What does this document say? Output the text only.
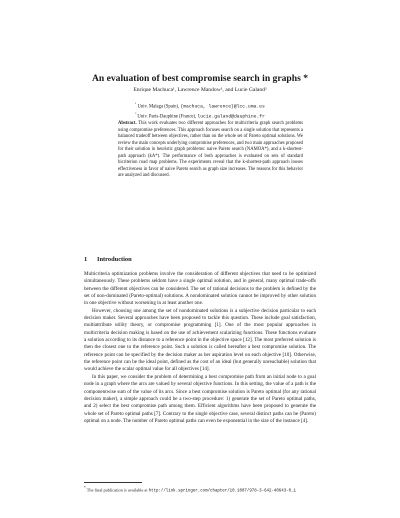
An evaluation of best compromise search in graphs *
Enrique Machuca¹, Lawrence Mandow¹, and Lucie Galand²
$^{^1}$ Univ. Malaga (Spain), {machuca, lawrence}@lcc.uma.es
$^{^2}$ Univ. Paris-Dauphine (France), lucie.galand@dauphine.fr
Abstract. This work evaluates two different approaches for multicriteria graph search problems using compromise preferences. This approach focuses search on a single solution that represents a balanced tradeoff between objectives, rather than on the whole set of Pareto optimal solutions. We review the main concepts underlying compromise preferences, and two main approaches proposed for their solution in heuristic graph problems: naive Pareto search (NAMOA*), and a k-shortest-path approach (kA*). The performance of both approaches is evaluated on sets of standard bicriterion road map problems. The experiments reveal that the k-shortest-path approach looses effectiveness in favor of naive Pareto search as graph size increases. The reasons for this behavior are analyzed and discussed.
1 Introduction

Multicriteria optimization problems involve the consideration of different objectives that need to be optimized simultaneously. These problems seldom have a single optimal solution, and in general, many optimal trade-offs between the different objectives can be considered. The set of rational decisions to the problem is defined by the set of non-dominated (Pareto-optimal) solutions. A nondominated solution cannot be improved by other solution in one objective without worsening in at least another one.

However, choosing one among the set of nondominated solutions is a subjective decision particular to each decision maker. Several approaches have been proposed to tackle this question. These include goal satisfaction, multiattribute utility theory, or compromise programming [1]. One of the most popular approaches in multicriteria decision making is based on the use of achievement scalarizing functions. These functions evaluate a solution according to its distance to a reference point in the objective space [12]. The most preferred solution is then the closest one to the reference point. Such a solution is called hereafter a best compromise solution. The reference point can be specified by the decision maker as her aspiration level on each objective [10]. Otherwise, the reference point can be the ideal point, defined as the cost of an ideal (but generally unreachable) solution that would achieve the scalar optimal value for all objectives [14].

In this paper, we consider the problem of determining a best compromise path from an initial node to a goal node in a graph where the arcs are valued by several objective functions. In this setting, the value of a path is the componentwise sum of the value of its arcs. Since a best compromise solution is Pareto optimal (for any rational decision maker), a simple approach could be a two-step procedure: 1) generate the set of Pareto optimal paths, and 2) select the best compromise path among them. Efficient algorithms have been proposed to generate the whole set of Pareto optimal paths [7]. Contrary to the single objective case, several distinct paths can be (Pareto) optimal on a node. The number of Pareto optimal paths can even be exponential in the size of the instance [4].

* The final publication is available at http://link.springer.com/chapter/10.1007/978-3-642-40643-0_1
